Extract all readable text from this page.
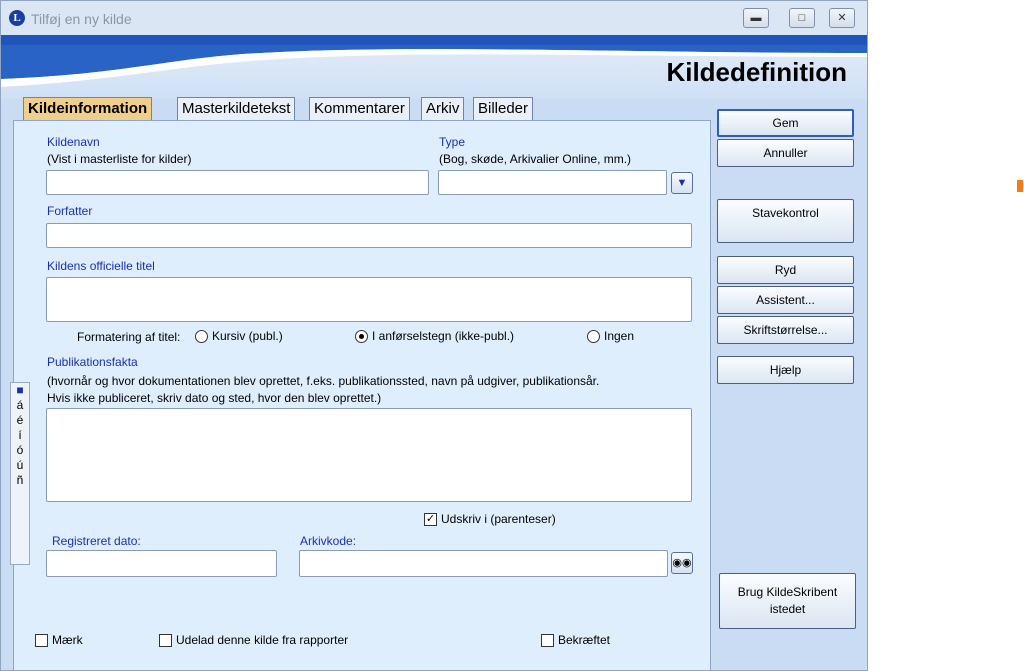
L Tilføj en ny kilde	▬	□	✕
Kildedefinition
Kildeinformation	Masterkildetekst	Kommentarer	Arkiv	Billeder
Kildenavn
(Vist i masterliste for kilder)
Type
(Bog, skøde, Arkivalier Online, mm.)
▼
Forfatter
Kildens officielle titel
Formatering af titel:	Kursiv (publ.)	I anførselstegn (ikke-publ.)	Ingen
Publikationsfakta
(hvornår og hvor dokumentationen blev oprettet, f.eks. publikationssted, navn på udgiver, publikationsår.
Hvis ikke publiceret, skriv dato og sted, hvor den blev oprettet.)
■
á
é
í
ó
ú
ñ
✓ Udskriv i (parenteser)
Registreret dato:	Arkivkode:
◉◉
Mærk	Udelad denne kilde fra rapporter	Bekræftet
Gem
Annuller
Stavekontrol
Ryd
Assistent...
Skriftstørrelse...
Hjælp
Brug KildeSkribent istedet
